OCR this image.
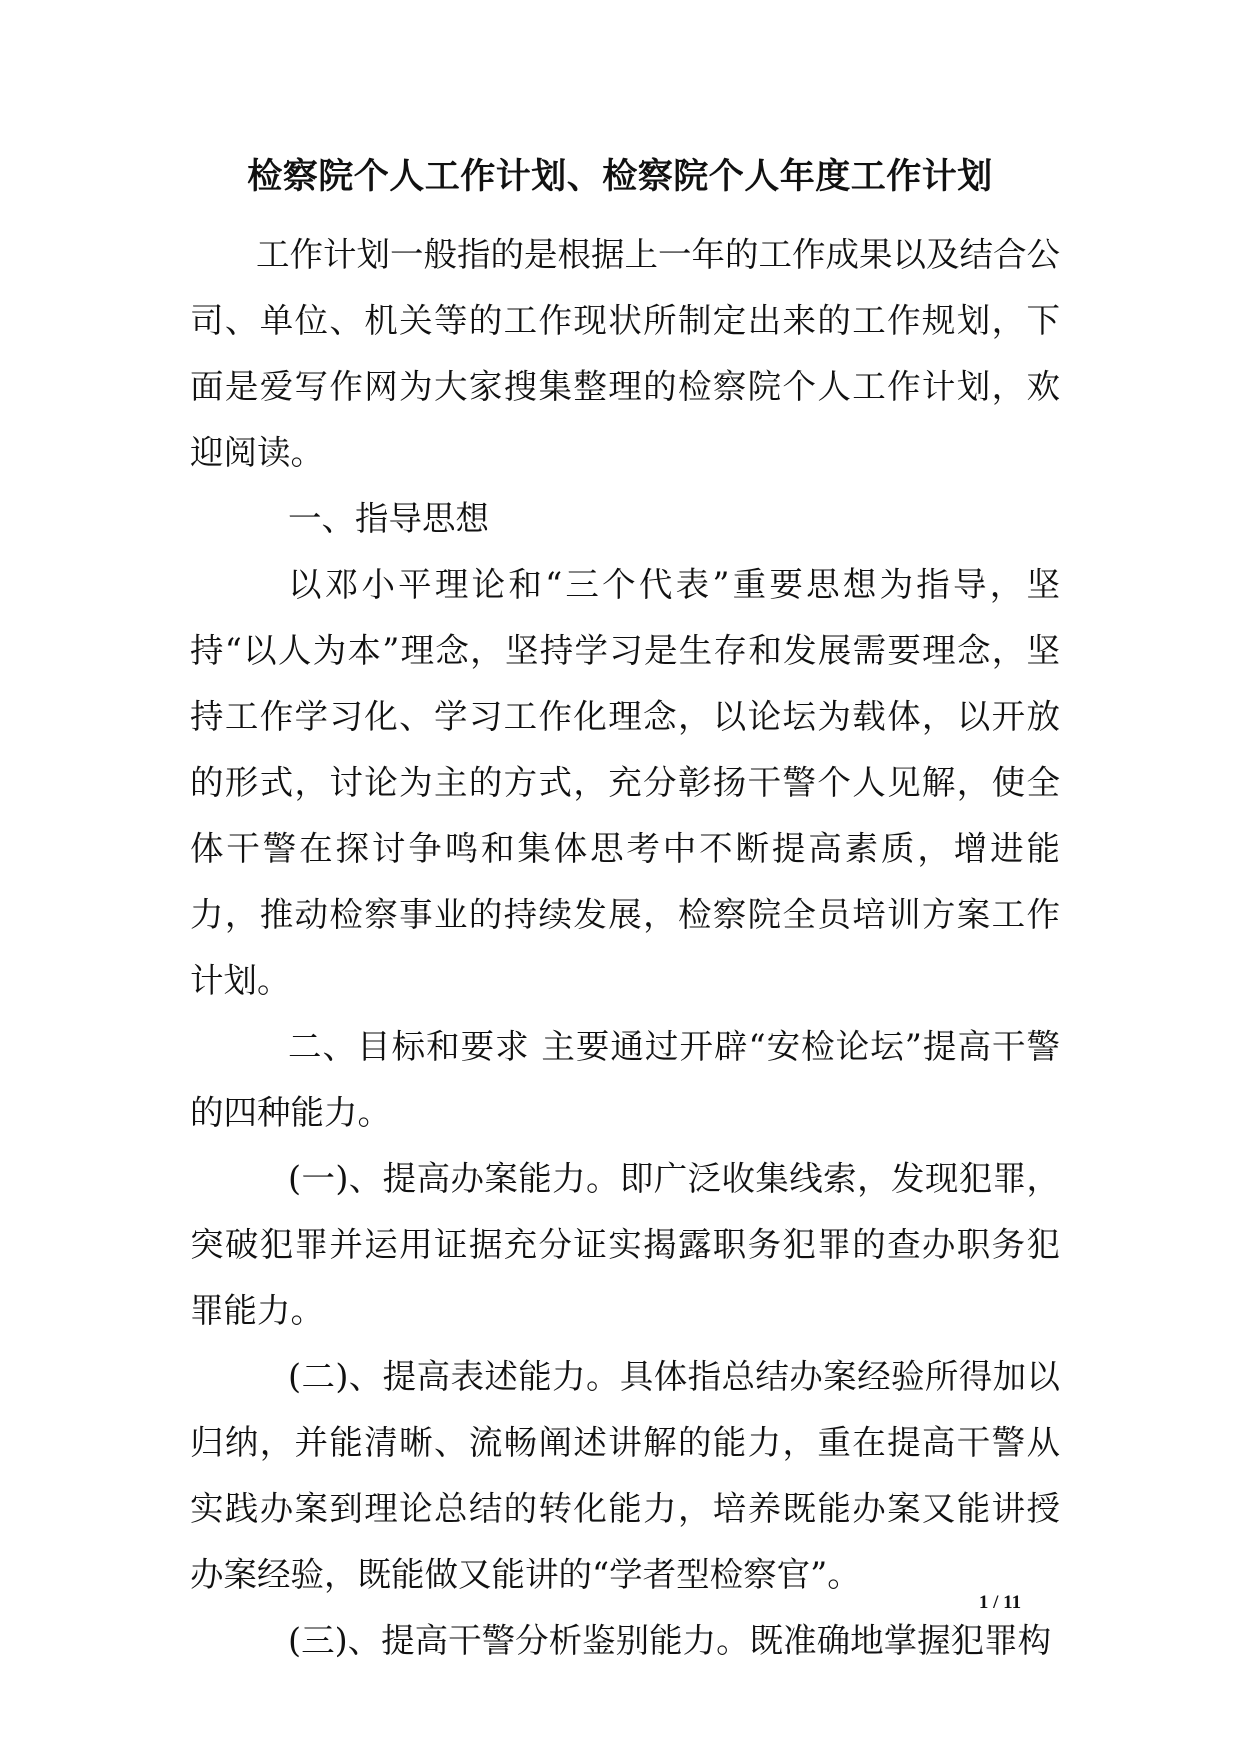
检察院个人工作计划、检察院个人年度工作计划

工作计划一般指的是根据上一年的工作成果以及结合公司、单位、机关等的工作现状所制定出来的工作规划，下面是爱写作网为大家搜集整理的检察院个人工作计划，欢迎阅读。

一、指导思想

以邓小平理论和“三个代表”重要思想为指导，坚持“以人为本”理念，坚持学习是生存和发展需要理念，坚持工作学习化、学习工作化理念，以论坛为载体，以开放的形式，讨论为主的方式，充分彰扬干警个人见解，使全体干警在探讨争鸣和集体思考中不断提高素质，增进能力，推动检察事业的持续发展，检察院全员培训方案工作计划。

二、目标和要求 主要通过开辟“安检论坛”提高干警的四种能力。

(一)、提高办案能力。即广泛收集线索，发现犯罪，突破犯罪并运用证据充分证实揭露职务犯罪的查办职务犯罪能力。

(二)、提高表述能力。具体指总结办案经验所得加以归纳，并能清晰、流畅阐述讲解的能力，重在提高干警从实践办案到理论总结的转化能力，培养既能办案又能讲授办案经验，既能做又能讲的“学者型检察官”。

(三)、提高干警分析鉴别能力。既准确地掌握犯罪构

1 / 11
